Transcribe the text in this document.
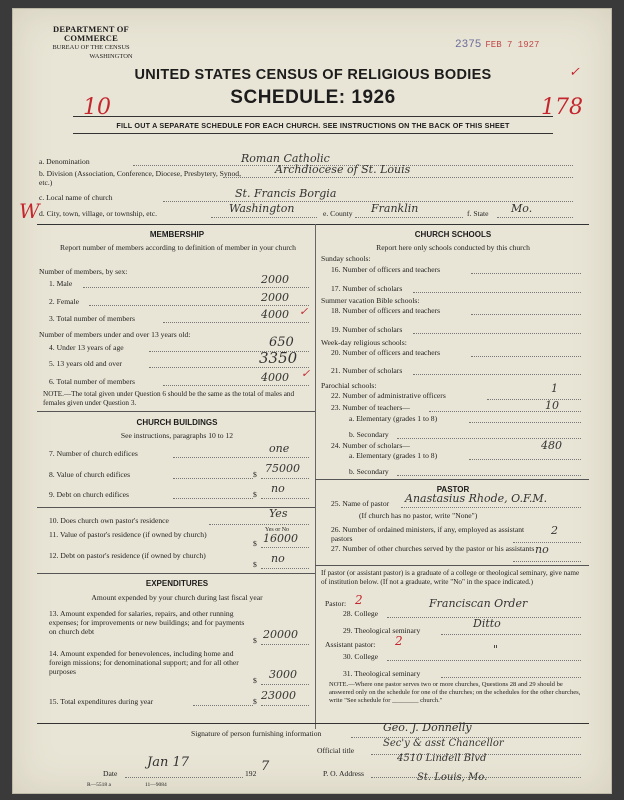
DEPARTMENT OF COMMERCE
BUREAU OF THE CENSUS
WASHINGTON
2375 FEB 7 1927
✓
UNITED STATES CENSUS OF RELIGIOUS BODIES
SCHEDULE: 1926
10	178
FILL OUT A SEPARATE SCHEDULE FOR EACH CHURCH. SEE INSTRUCTIONS ON THE BACK OF THIS SHEET
a. Denomination	Roman Catholic
b. Division (Association, Conference, Diocese, Presbytery, Synod, etc.)
Archdiocese of St. Louis
c. Local name of church	St. Francis Borgia
W d. City, town, village, or township, etc.	Washington	e. County Franklin	f. State Mo.
MEMBERSHIP
Report number of members according to definition of member in your church
Number of members, by sex:
1. Male	2000
2. Female	2000
3. Total number of members	4000 ✓
Number of members under and over 13 years old:
4. Under 13 years of age	650
5. 13 years old and over	3350
6. Total number of members	4000 ✓
NOTE.—The total given under Question 6 should be the same as the total of males and females given under Question 3.
CHURCH BUILDINGS
See instructions, paragraphs 10 to 12
7. Number of church edifices	one
8. Value of church edifices	$ 75000
9. Debt on church edifices	$ no
10. Does church own pastor's residence
Yes
Yes or No
11. Value of pastor's residence (if owned by church)
$ 16000
12. Debt on pastor's residence (if owned by church)
$ no
EXPENDITURES
Amount expended by your church during last fiscal year
13. Amount expended for salaries, repairs, and other running expenses; for improvements or new buildings; and for payments on church debt
$ 20000
14. Amount expended for benevolences, including home and foreign missions; for denominational support; and for all other purposes
$ 3000
15. Total expenditures during year	$ 23000
CHURCH SCHOOLS
Report here only schools conducted by this church
Sunday schools:
16. Number of officers and teachers
17. Number of scholars
Summer vacation Bible schools:
18. Number of officers and teachers
19. Number of scholars
Week-day religious schools:
20. Number of officers and teachers
21. Number of scholars
Parochial schools:
22. Number of administrative officers
1
23. Number of teachers—	10
a. Elementary (grades 1 to 8)
b. Secondary
24. Number of scholars—
a. Elementary (grades 1 to 8)
480
b. Secondary
PASTOR
25. Name of pastor Anastasius Rhode, O.F.M.
(If church has no pastor, write "None")
26. Number of ordained ministers, if any, employed as assistant pastors
2
27. Number of other churches served by the pastor or his assistants no
If pastor (or assistant pastor) is a graduate of a college or theological seminary, give name of institution below. (If not a graduate, write "No" in the space indicated.)
Pastor: 2
28. College
Franciscan Order
29. Theological seminary
Ditto
Assistant pastor: 2
30. College
"
31. Theological seminary
NOTE.—Where one pastor serves two or more churches, Questions 28 and 29 should be answered only on the schedule for one of the churches; on the schedules for the other churches, write "See schedule for ________ church."
Signature of person furnishing information	Geo. J. Donnelly
Official title
Sec'y & asst Chancellor
Date
Jan 17
192 7	P. O. Address
4510 Lindell Blvd
St. Louis, Mo.
R—5518 a	11—9084
